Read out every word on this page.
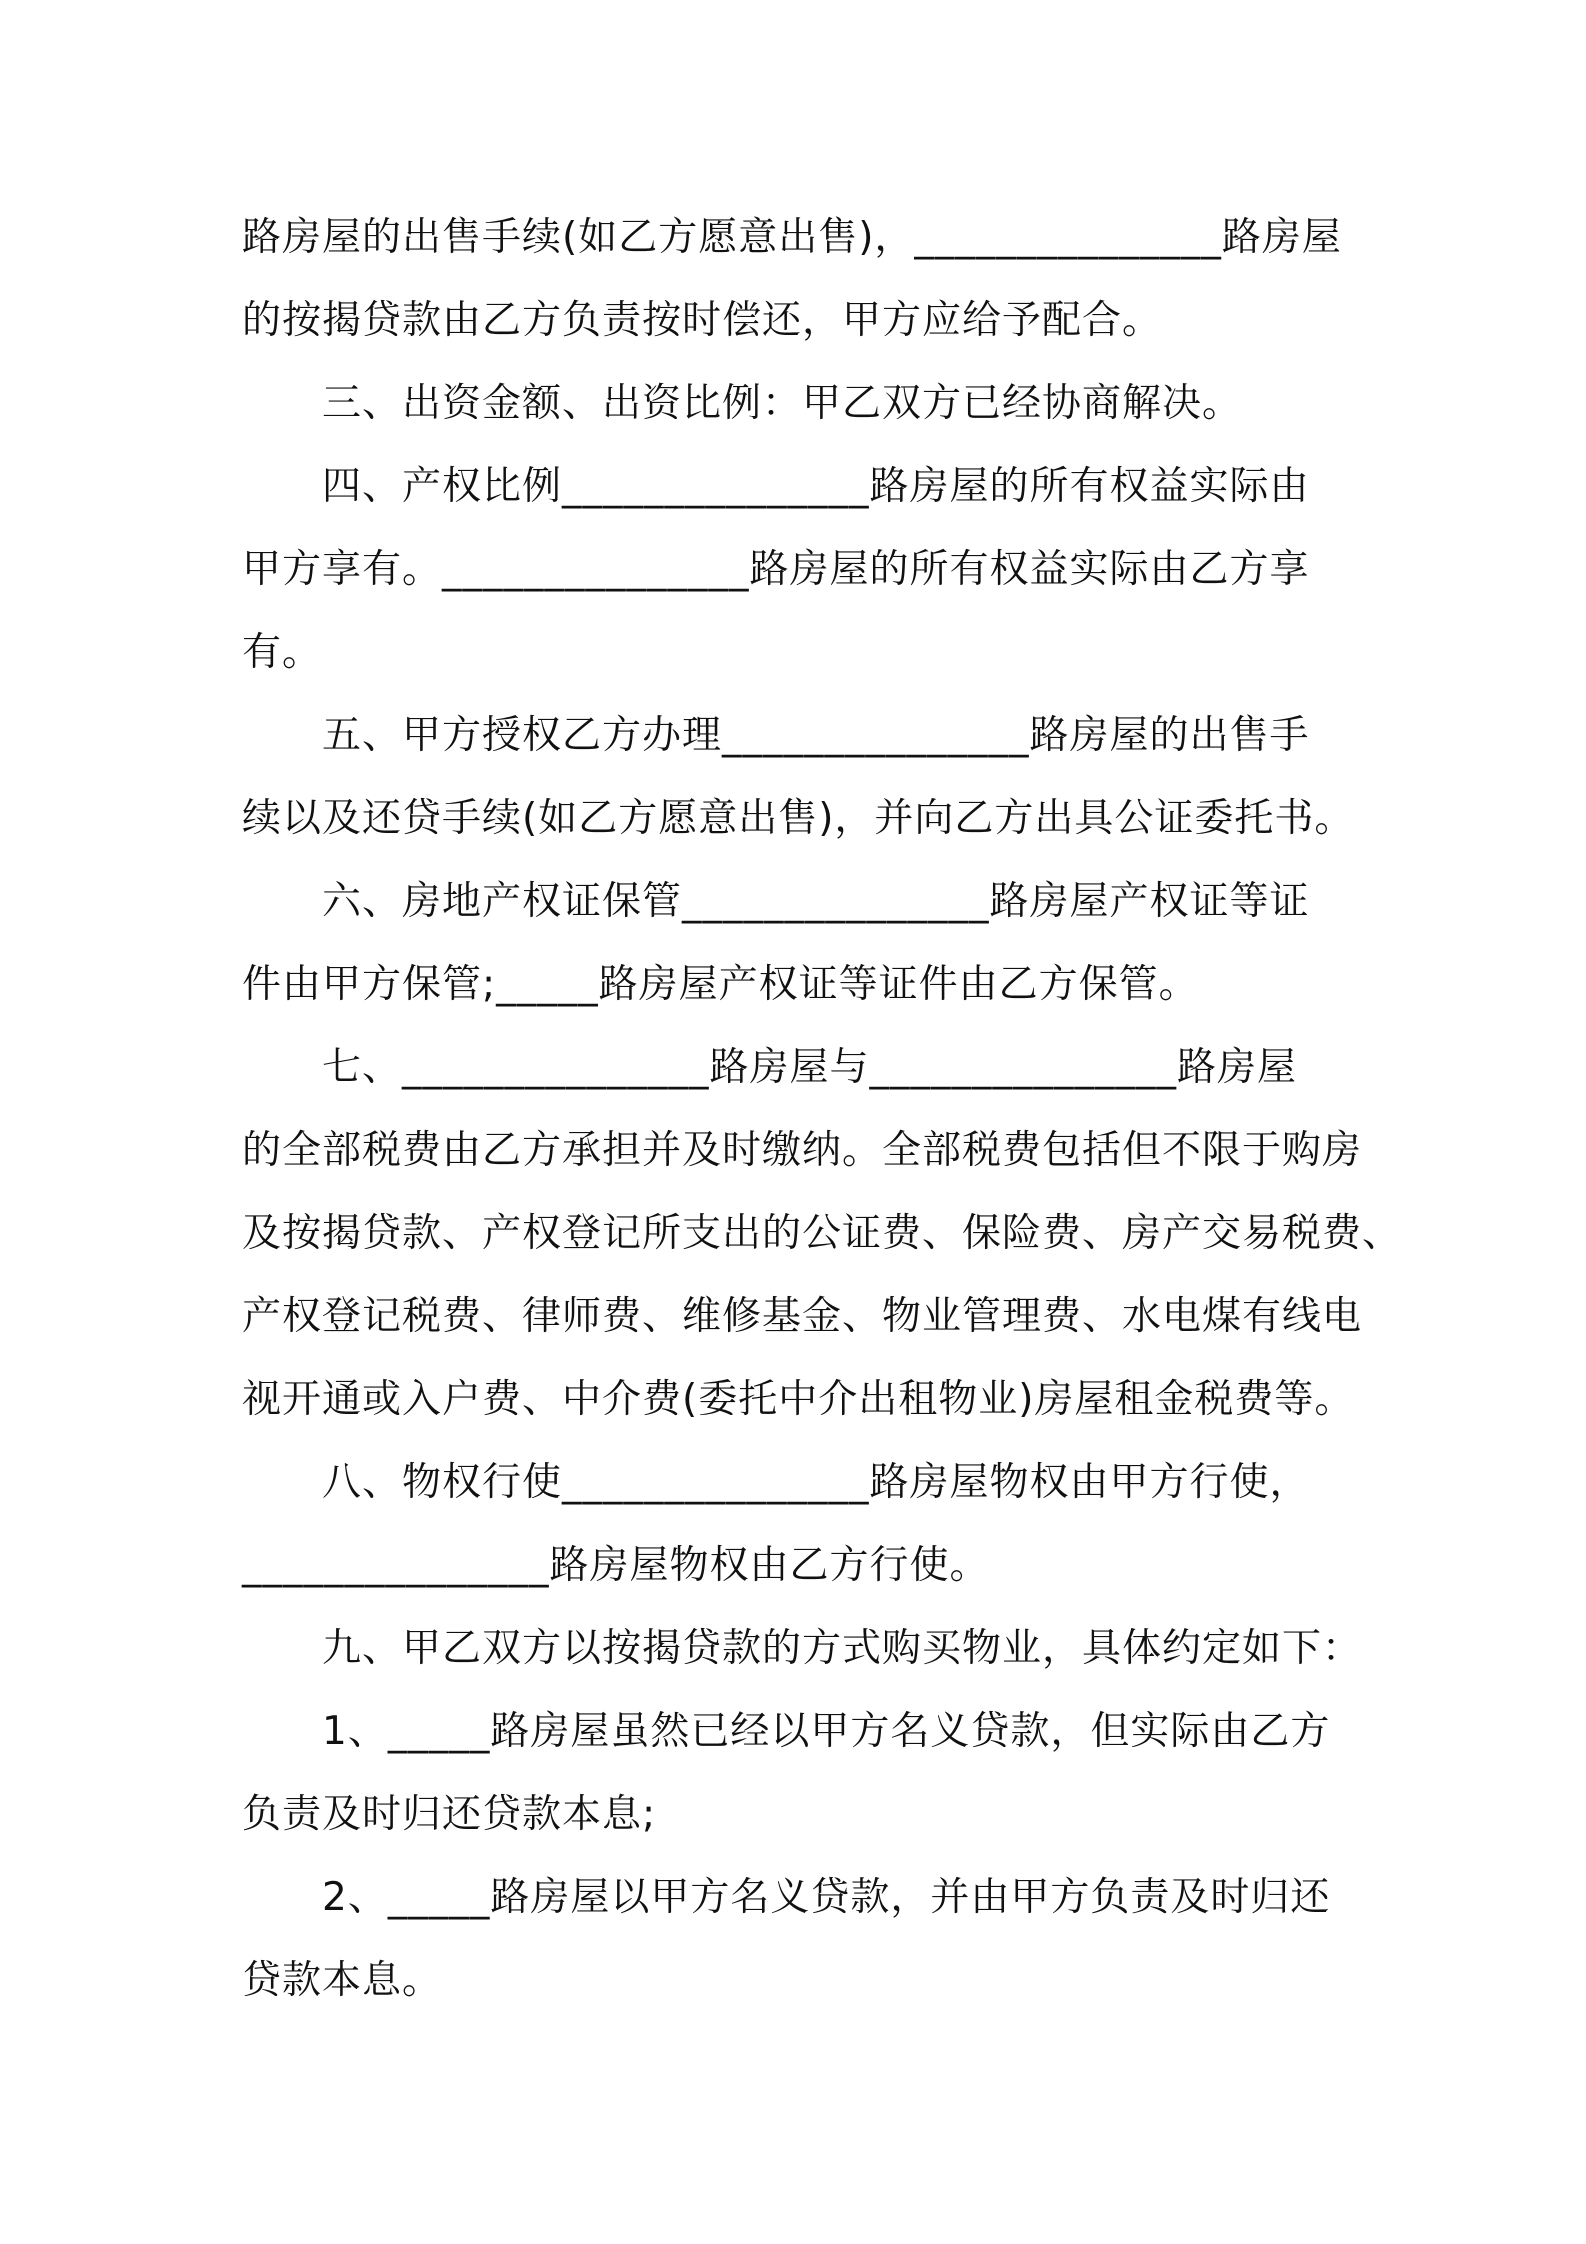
路房屋的出售手续(如乙方愿意出售)，_______________路房屋
的按揭贷款由乙方负责按时偿还，甲方应给予配合。

三、出资金额、出资比例：甲乙双方已经协商解决。

四、产权比例_______________路房屋的所有权益实际由
甲方享有。_______________路房屋的所有权益实际由乙方享
有。

五、甲方授权乙方办理_______________路房屋的出售手
续以及还贷手续(如乙方愿意出售)，并向乙方出具公证委托书。

六、房地产权证保管_______________路房屋产权证等证
件由甲方保管;_____路房屋产权证等证件由乙方保管。

七、_______________路房屋与_______________路房屋
的全部税费由乙方承担并及时缴纳。全部税费包括但不限于购房
及按揭贷款、产权登记所支出的公证费、保险费、房产交易税费、
产权登记税费、律师费、维修基金、物业管理费、水电煤有线电
视开通或入户费、中介费(委托中介出租物业)房屋租金税费等。

八、物权行使_______________路房屋物权由甲方行使，
_______________路房屋物权由乙方行使。

九、甲乙双方以按揭贷款的方式购买物业，具体约定如下：

1、_____路房屋虽然已经以甲方名义贷款，但实际由乙方
负责及时归还贷款本息;

2、_____路房屋以甲方名义贷款，并由甲方负责及时归还
贷款本息。
